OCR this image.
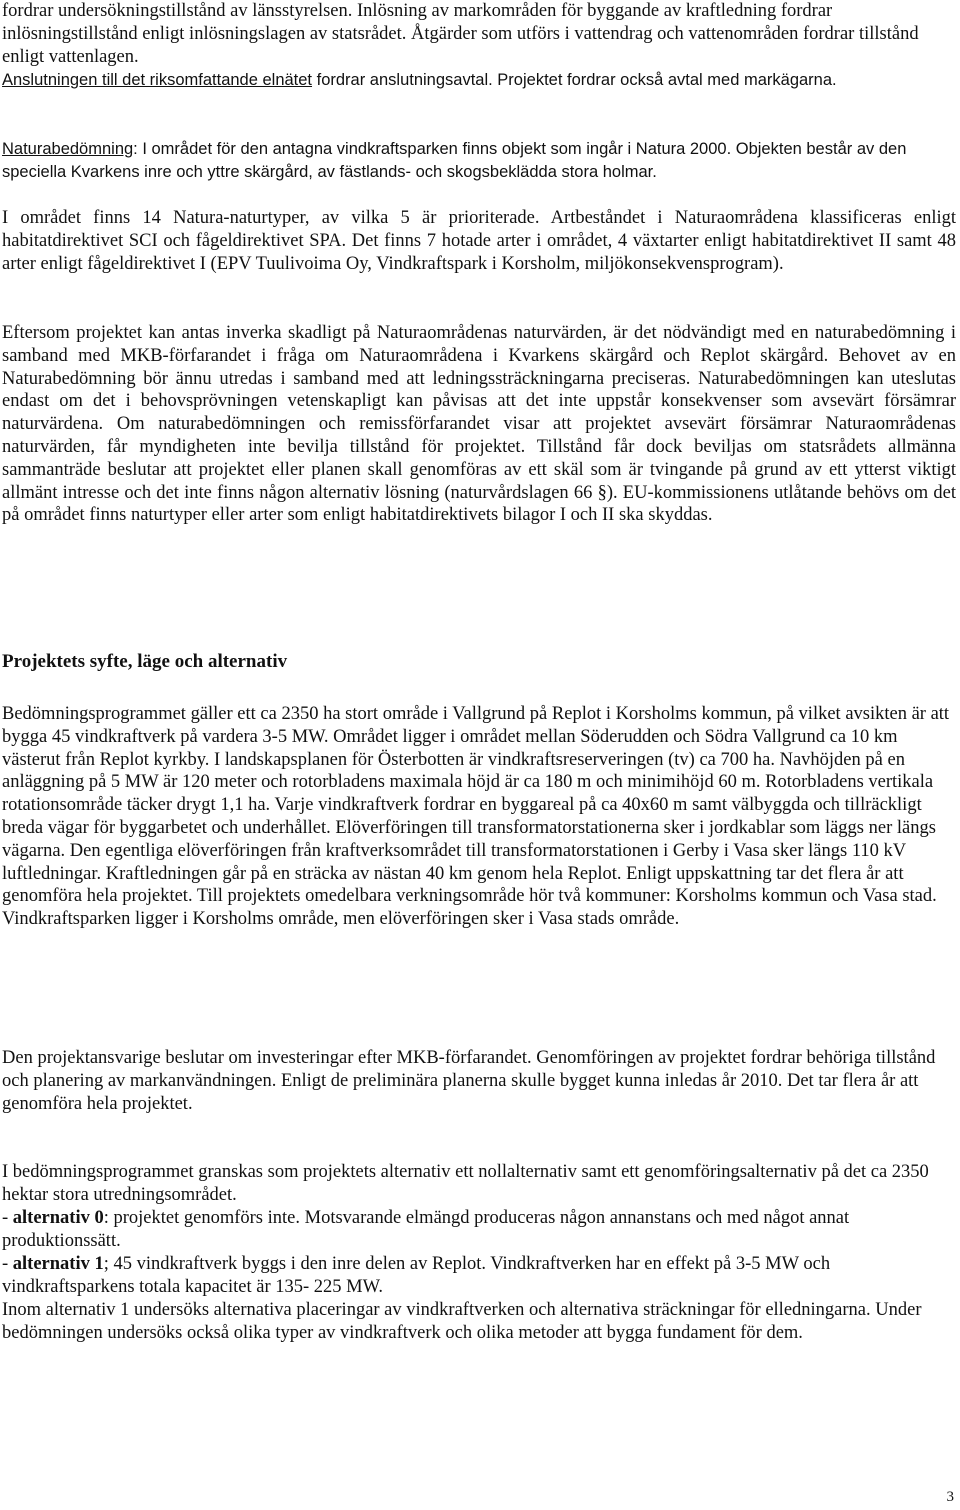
fordrar undersökningstillstånd av länsstyrelsen. Inlösning av markområden för byggande av kraftledning fordrar inlösningstillstånd enligt inlösningslagen av statsrådet. Åtgärder som utförs i vattendrag och vattenområden fordrar tillstånd enligt vattenlagen.

Anslutningen till det riksomfattande elnätet fordrar anslutningsavtal. Projektet fordrar också avtal med markägarna.

Naturabedömning: I området för den antagna vindkraftsparken finns objekt som ingår i Natura 2000. Objekten består av den speciella Kvarkens inre och yttre skärgård, av fästlands- och skogsbeklädda stora holmar.

I området finns 14 Natura-naturtyper, av vilka 5 är prioriterade. Artbeståndet i Naturaområdena klassificeras enligt habitatdirektivet SCI och fågeldirektivet SPA. Det finns 7 hotade arter i området, 4 växtarter enligt habitatdirektivet II samt 48 arter enligt fågeldirektivet I (EPV Tuulivoima Oy, Vindkraftspark i Korsholm, miljökonsekvensprogram).

Eftersom projektet kan antas inverka skadligt på Naturaområdenas naturvärden, är det nödvändigt med en naturabedömning i samband med MKB-förfarandet i fråga om Naturaområdena i Kvarkens skärgård och Replot skärgård. Behovet av en Naturabedömning bör ännu utredas i samband med att ledningssträckningarna preciseras. Naturabedömningen kan uteslutas endast om det i behovsprövningen vetenskapligt kan påvisas att det inte uppstår konsekvenser som avsevärt försämrar naturvärdena. Om naturabedömningen och remissförfarandet visar att projektet avsevärt försämrar Naturaområdenas naturvärden, får myndigheten inte bevilja tillstånd för projektet. Tillstånd får dock beviljas om statsrådets allmänna sammanträde beslutar att projektet eller planen skall genomföras av ett skäl som är tvingande på grund av ett ytterst viktigt allmänt intresse och det inte finns någon alternativ lösning (naturvårdslagen 66 §). EU-kommissionens utlåtande behövs om det på området finns naturtyper eller arter som enligt habitatdirektivets bilagor I och II ska skyddas.

Projektets syfte, läge och alternativ

Bedömningsprogrammet gäller ett ca 2350 ha stort område i Vallgrund på Replot i Korsholms kommun, på vilket avsikten är att bygga 45 vindkraftverk på vardera 3-5 MW. Området ligger i området mellan Söderudden och Södra Vallgrund ca 10 km västerut från Replot kyrkby. I landskapsplanen för Österbotten är vindkraftsreserveringen (tv) ca 700 ha. Navhöjden på en anläggning på 5 MW är 120 meter och rotorbladens maximala höjd är ca 180 m och minimihöjd 60 m. Rotorbladens vertikala rotationsområde täcker drygt 1,1 ha. Varje vindkraftverk fordrar en byggareal på ca 40x60 m samt välbyggda och tillräckligt breda vägar för byggarbetet och underhållet. Elöverföringen till transformatorstationerna sker i jordkablar som läggs ner längs vägarna. Den egentliga elöverföringen från kraftverksområdet till transformatorstationen i Gerby i Vasa sker längs 110 kV luftledningar. Kraftledningen går på en sträcka av nästan 40 km genom hela Replot. Enligt uppskattning tar det flera år att genomföra hela projektet. Till projektets omedelbara verkningsområde hör två kommuner: Korsholms kommun och Vasa stad. Vindkraftsparken ligger i Korsholms område, men elöverföringen sker i Vasa stads område.

Den projektansvarige beslutar om investeringar efter MKB-förfarandet. Genomföringen av projektet fordrar behöriga tillstånd och planering av markanvändningen. Enligt de preliminära planerna skulle bygget kunna inledas år 2010. Det tar flera år att genomföra hela projektet.

I bedömningsprogrammet granskas som projektets alternativ ett nollalternativ samt ett genomföringsalternativ på det ca 2350 hektar stora utredningsområdet.

- alternativ 0: projektet genomförs inte. Motsvarande elmängd produceras någon annanstans och med något annat produktionssätt.

- alternativ 1; 45 vindkraftverk byggs i den inre delen av Replot. Vindkraftverken har en effekt på 3-5 MW och vindkraftsparkens totala kapacitet är 135- 225 MW.

Inom alternativ 1 undersöks alternativa placeringar av vindkraftverken och alternativa sträckningar för elledningarna. Under bedömningen undersöks också olika typer av vindkraftverk och olika metoder att bygga fundament för dem.

3
